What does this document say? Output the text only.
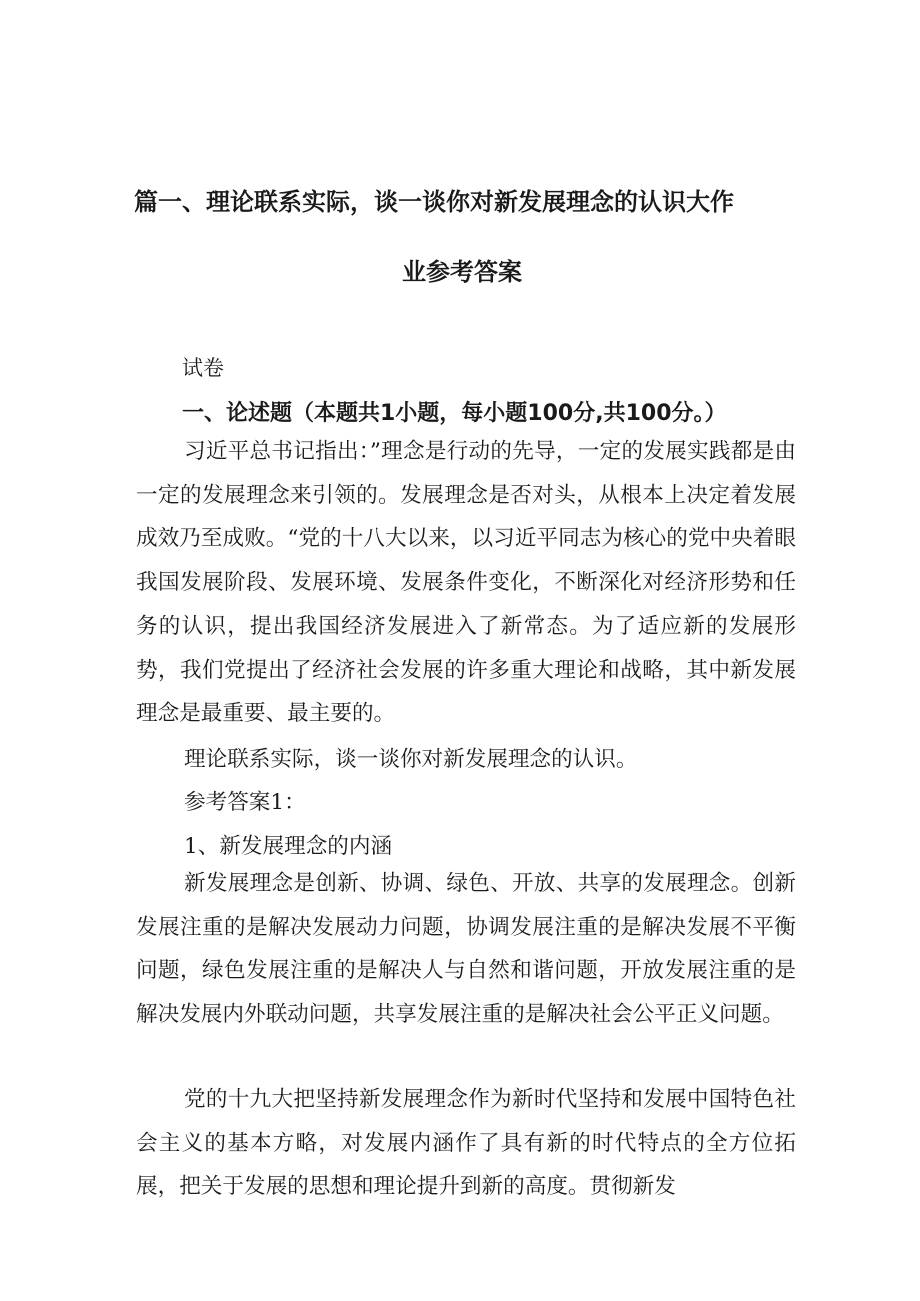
篇一、理论联系实际，谈一谈你对新发展理念的认识大作
业参考答案
试卷
一、论述题（本题共1小题，每小题100分,共100分。）

习近平总书记指出：”理念是行动的先导，一定的发展实践都是由一定的发展理念来引领的。发展理念是否对头，从根本上决定着发展成效乃至成败。“党的十八大以来，以习近平同志为核心的党中央着眼我国发展阶段、发展环境、发展条件变化，不断深化对经济形势和任务的认识，提出我国经济发展进入了新常态。为了适应新的发展形势，我们党提出了经济社会发展的许多重大理论和战略，其中新发展理念是最重要、最主要的。

理论联系实际，谈一谈你对新发展理念的认识。
参考答案1：
1、新发展理念的内涵

新发展理念是创新、协调、绿色、开放、共享的发展理念。创新发展注重的是解决发展动力问题，协调发展注重的是解决发展不平衡问题，绿色发展注重的是解决人与自然和谐问题，开放发展注重的是解决发展内外联动问题，共享发展注重的是解决社会公平正义问题。

党的十九大把坚持新发展理念作为新时代坚持和发展中国特色社会主义的基本方略，对发展内涵作了具有新的时代特点的全方位拓展，把关于发展的思想和理论提升到新的高度。贯彻新发
